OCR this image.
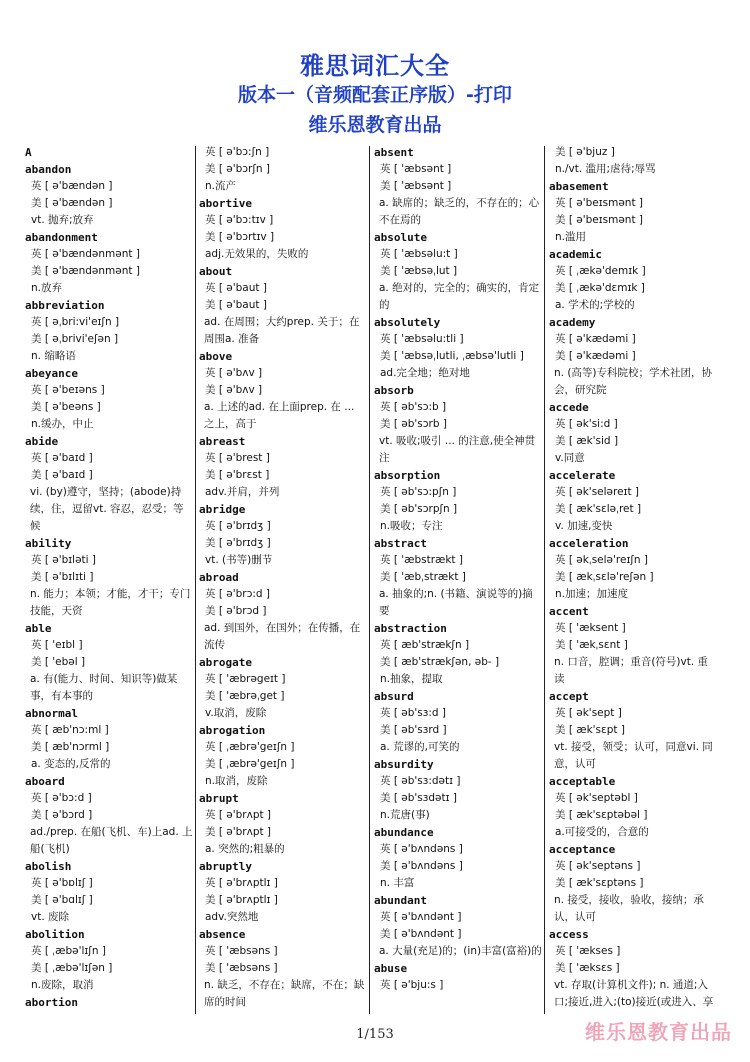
雅思词汇大全
版本一（音频配套正序版）-打印
维乐恩教育出品
A
abandon
英 [ ə'bændən ]
美 [ ə'bændən ]
vt. 抛弃;放弃
abandonment
英 [ ə'bændənmənt ]
美 [ ə'bændənmənt ]
n.放弃
abbreviation
英 [ əˌbri:vi'eɪʃn ]
美 [ əˌbrivi'eʃən ]
n. 缩略语
abeyance
英 [ ə'beɪəns ]
美 [ ə'beəns ]
n.缓办，中止
abide
英 [ ə'baɪd ]
美 [ ə'baɪd ]
vi. (by)遵守，坚持；(abode)持续，住，逗留vt. 容忍，忍受；等候
ability
英 [ ə'bɪləti ]
美 [ ə'bɪlɪti ]
n. 能力；本领；才能，才干；专门技能，天资
able
英 [ 'eɪbl ]
美 [ 'ebəl ]
a. 有(能力、时间、知识等)做某事，有本事的
abnormal
英 [ æb'nɔ:ml ]
美 [ æb'nɔrml ]
a. 变态的,反常的
aboard
英 [ ə'bɔ:d ]
美 [ ə'bɔrd ]
ad./prep. 在船(飞机、车)上ad. 上船(飞机)
abolish
英 [ ə'bɒlɪʃ ]
美 [ ə'bɑlɪʃ ]
vt. 废除
abolition
英 [ ˌæbə'lɪʃn ]
美 [ ˌæbə'lɪʃən ]
n.废除，取消
abortion
英 [ ə'bɔ:ʃn ]
美 [ ə'bɔrʃn ]
n.流产
abortive
英 [ ə'bɔ:tɪv ]
美 [ ə'bɔrtɪv ]
adj.无效果的，失败的
about
英 [ ə'baut ]
美 [ ə'baut ]
ad. 在周围；大约prep. 关于；在周围a. 准备
above
英 [ ə'bʌv ]
美 [ ə'bʌv ]
a. 上述的ad. 在上面prep. 在 ... 之上，高于
abreast
英 [ ə'brest ]
美 [ ə'brɛst ]
adv.并肩，并列
abridge
英 [ ə'brɪdʒ ]
美 [ ə'brɪdʒ ]
vt. (书等)删节
abroad
英 [ ə'brɔ:d ]
美 [ ə'brɔd ]
ad. 到国外，在国外；在传播，在流传
abrogate
英 [ 'æbrəgeɪt ]
美 [ 'æbrəˌget ]
v.取消，废除
abrogation
英 [ ˌæbrə'geɪʃn ]
美 [ ˌæbrə'geɪʃn ]
n.取消，废除
abrupt
英 [ ə'brʌpt ]
美 [ ə'brʌpt ]
a. 突然的;粗暴的
abruptly
英 [ ə'brʌptlɪ ]
美 [ ə'brʌptlɪ ]
adv.突然地
absence
英 [ 'æbsəns ]
美 [ 'æbsəns ]
n. 缺乏，不存在；缺席，不在；缺席的时间
absent
英 [ 'æbsənt ]
美 [ 'æbsənt ]
a. 缺席的；缺乏的，不存在的；心不在焉的
absolute
英 [ 'æbsəlu:t ]
美 [ 'æbsəˌlut ]
a. 绝对的，完全的；确实的，肯定的
absolutely
英 [ 'æbsəlu:tli ]
美 [ 'æbsəˌlutli, ˌæbsə'lutli ]
ad.完全地；绝对地
absorb
英 [ əb'sɔ:b ]
美 [ əb'sɔrb ]
vt. 吸收;吸引 ... 的注意,使全神贯注
absorption
英 [ əb'sɔ:pʃn ]
美 [ əb'sɔrpʃn ]
n.吸收；专注
abstract
英 [ 'æbstrækt ]
美 [ 'æbˌstrækt ]
a. 抽象的;n. (书籍、演说等的)摘要
abstraction
英 [ æb'strækʃn ]
美 [ æb'strækʃən, əb- ]
n.抽象，提取
absurd
英 [ əb'sɜ:d ]
美 [ əb'sɜrd ]
a. 荒谬的,可笑的
absurdity
英 [ əb'sɜ:dətɪ ]
美 [ əb'sɜdətɪ ]
n.荒唐(事)
abundance
英 [ ə'bʌndəns ]
美 [ ə'bʌndəns ]
n. 丰富
abundant
英 [ ə'bʌndənt ]
美 [ ə'bʌndənt ]
a. 大量(充足)的；(in)丰富(富裕)的
abuse
英 [ ə'bju:s ]
美 [ ə'bjuz ]
n./vt. 滥用;虐待;辱骂
abasement
英 [ ə'beɪsmənt ]
美 [ ə'beɪsmənt ]
n.滥用
academic
英 [ ˌækə'demɪk ]
美 [ ˌækə'dɛmɪk ]
a. 学术的;学校的
academy
英 [ ə'kædəmi ]
美 [ ə'kædəmi ]
n. (高等)专科院校；学术社团，协会，研究院
accede
英 [ ək'si:d ]
美 [ æk'sid ]
v.同意
accelerate
英 [ ək'seləreɪt ]
美 [ æk'sɛləˌret ]
v. 加速,变快
acceleration
英 [ əkˌselə'reɪʃn ]
美 [ ækˌsɛlə'reʃən ]
n.加速；加速度
accent
英 [ 'æksent ]
美 [ 'ækˌsɛnt ]
n. 口音，腔调；重音(符号)vt. 重读
accept
英 [ ək'sept ]
美 [ æk'sɛpt ]
vt. 接受，领受；认可，同意vi. 同意，认可
acceptable
英 [ ək'septəbl ]
美 [ æk'sɛptəbəl ]
a.可接受的，合意的
acceptance
英 [ ək'septəns ]
美 [ æk'sɛptəns ]
n. 接受，接收，验收，接纳；承认，认可
access
英 [ 'ækses ]
美 [ 'æksɛs ]
vt. 存取(计算机文件); n. 通道;入口;接近,进入;(to)接近(或进入、享
1/153	维乐恩教育出品
